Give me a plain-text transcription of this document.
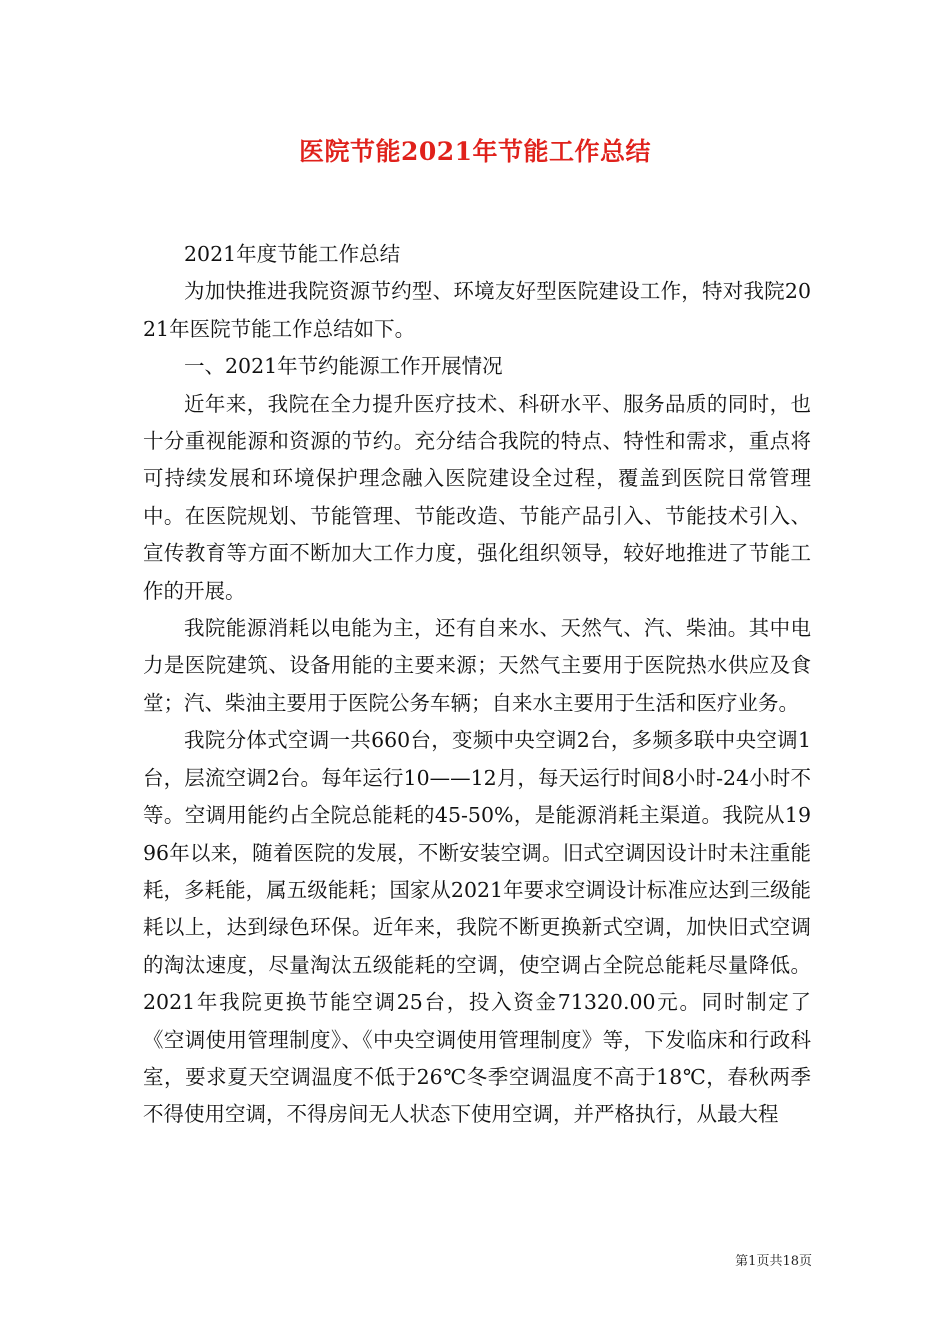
医院节能2021年节能工作总结

2021年度节能工作总结

为加快推进我院资源节约型、环境友好型医院建设工作，特对我院2021年医院节能工作总结如下。

一、2021年节约能源工作开展情况

近年来，我院在全力提升医疗技术、科研水平、服务品质的同时，也十分重视能源和资源的节约。充分结合我院的特点、特性和需求，重点将可持续发展和环境保护理念融入医院建设全过程，覆盖到医院日常管理中。在医院规划、节能管理、节能改造、节能产品引入、节能技术引入、宣传教育等方面不断加大工作力度，强化组织领导，较好地推进了节能工作的开展。

我院能源消耗以电能为主，还有自来水、天然气、汽、柴油。其中电力是医院建筑、设备用能的主要来源；天然气主要用于医院热水供应及食堂；汽、柴油主要用于医院公务车辆；自来水主要用于生活和医疗业务。

我院分体式空调一共660台，变频中央空调2台，多频多联中央空调1台，层流空调2台。每年运行10——12月，每天运行时间8小时-24小时不等。空调用能约占全院总能耗的45-50%，是能源消耗主渠道。我院从1996年以来，随着医院的发展，不断安装空调。旧式空调因设计时未注重能耗，多耗能，属五级能耗；国家从2021年要求空调设计标准应达到三级能耗以上，达到绿色环保。近年来，我院不断更换新式空调，加快旧式空调的淘汰速度，尽量淘汰五级能耗的空调，使空调占全院总能耗尽量降低。2021年我院更换节能空调25台，投入资金71320.00元。同时制定了《空调使用管理制度》、《中央空调使用管理制度》等，下发临床和行政科室，要求夏天空调温度不低于26℃冬季空调温度不高于18℃，春秋两季不得使用空调，不得房间无人状态下使用空调，并严格执行，从最大程

第1页共18页
